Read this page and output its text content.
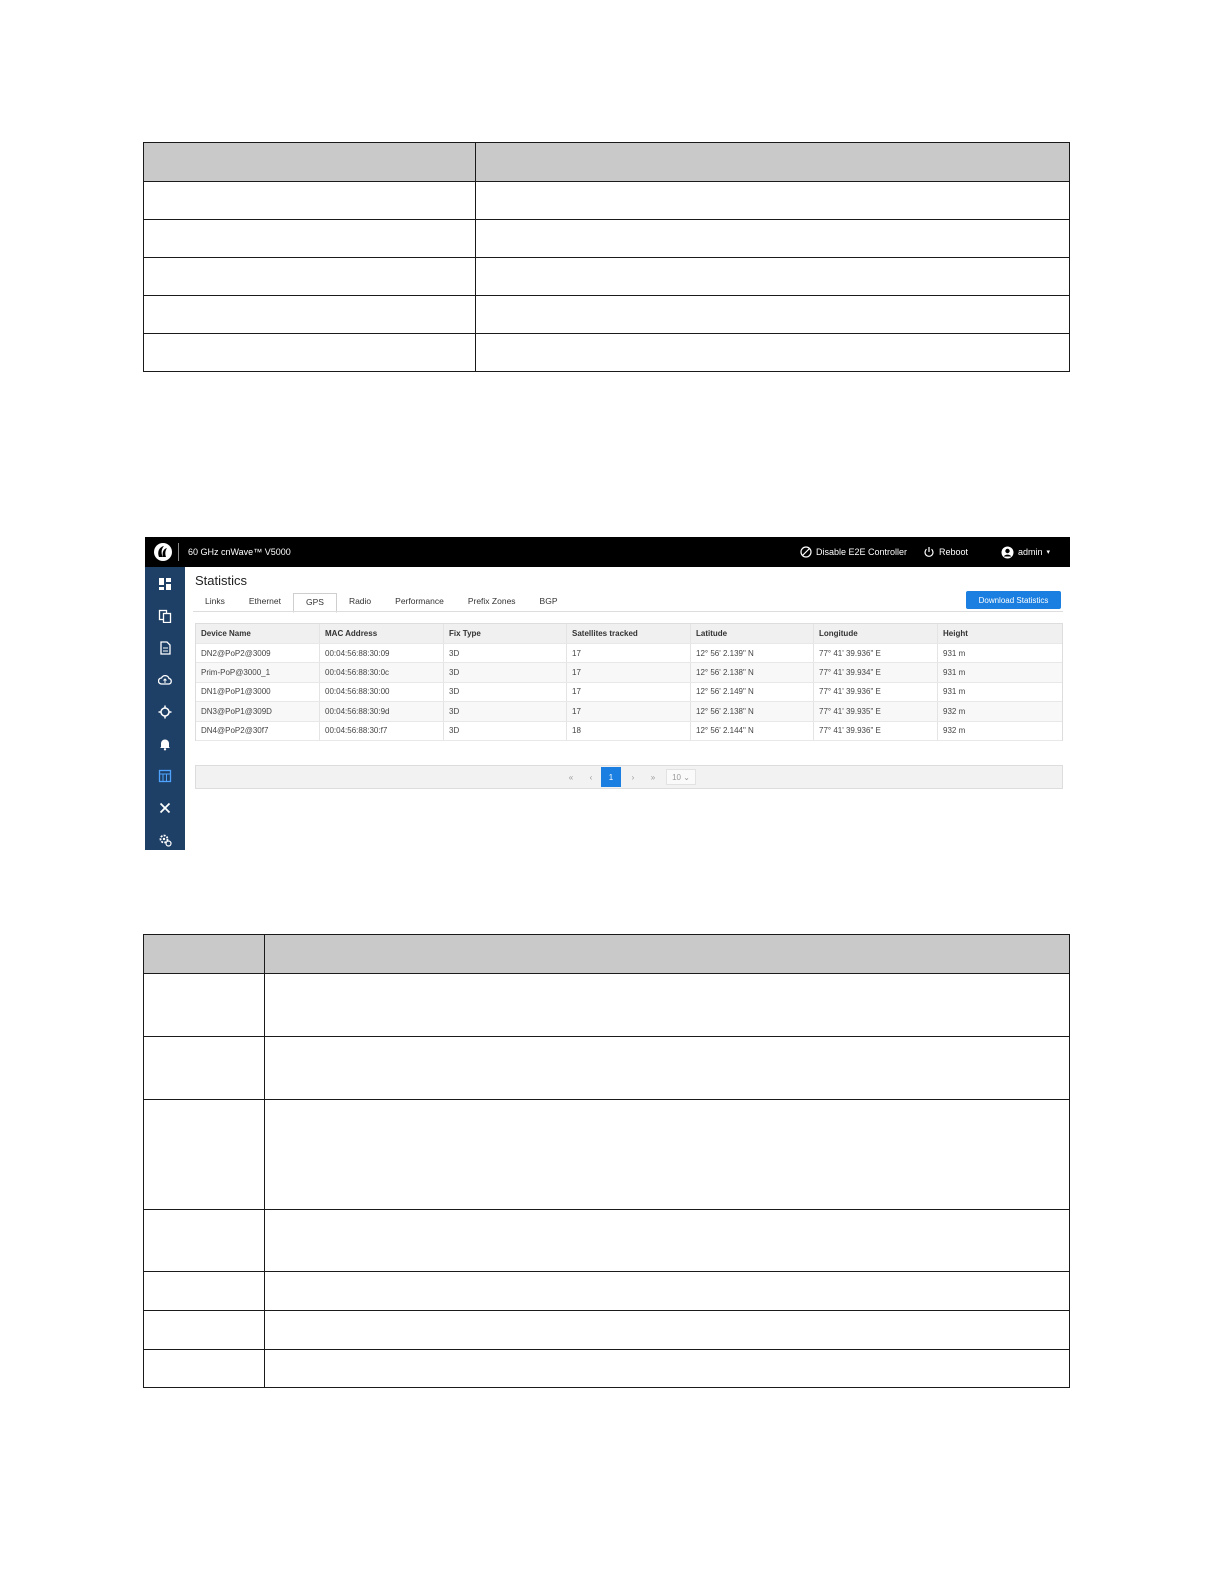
60 GHz cnWave™ V5000	Disable E2E Controller	Reboot	admin ▾
Statistics
Links	Ethernet	GPS	Radio	Performance	Prefix Zones	BGP	Download Statistics
Device Name	MAC Address	Fix Type	Satellites tracked	Latitude	Longitude	Height
DN2@PoP2@3009	00:04:56:88:30:09	3D	17	12° 56' 2.139" N	77° 41' 39.936" E	931 m
Prim-PoP@3000_1	00:04:56:88:30:0c	3D	17	12° 56' 2.138" N	77° 41' 39.934" E	931 m
DN1@PoP1@3000	00:04:56:88:30:00	3D	17	12° 56' 2.149" N	77° 41' 39.936" E	931 m
DN3@PoP1@309D	00:04:56:88:30:9d	3D	17	12° 56' 2.138" N	77° 41' 39.935" E	932 m
DN4@PoP2@30f7	00:04:56:88:30:f7	3D	18	12° 56' 2.144" N	77° 41' 39.936" E	932 m
«	‹	1	›	»	10 ⌄
